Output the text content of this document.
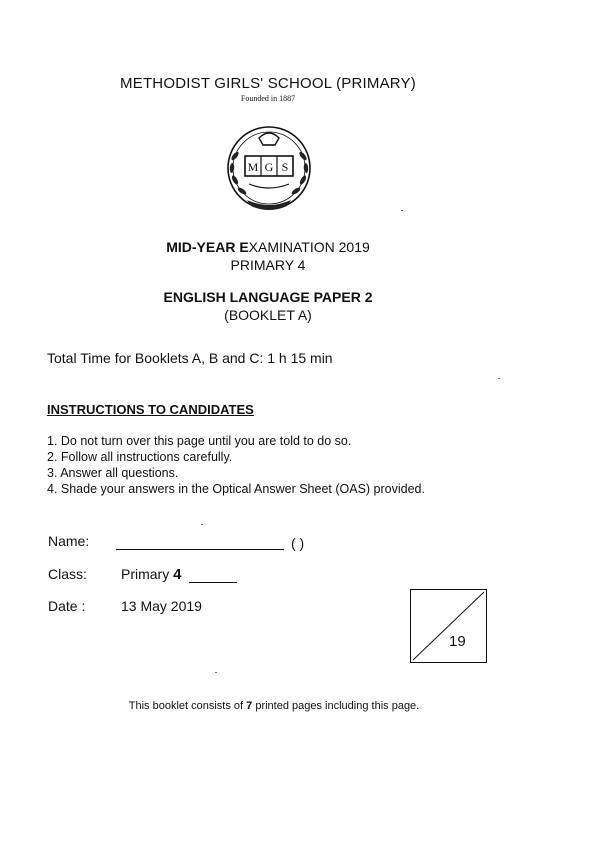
METHODIST GIRLS' SCHOOL (PRIMARY)
Founded in 1887
M G S
MID-YEAR EXAMINATION 2019
PRIMARY 4
ENGLISH LANGUAGE PAPER 2
(BOOKLET A)
Total Time for Booklets A, B and C: 1 h 15 min
INSTRUCTIONS TO CANDIDATES
1. Do not turn over this page until you are told to do so.
2. Follow all instructions carefully.
3. Answer all questions.
4. Shade your answers in the Optical Answer Sheet (OAS) provided.
Name:	( )
Class: Primary 4
Date :	13 May 2019
19
This booklet consists of 7 printed pages including this page.
